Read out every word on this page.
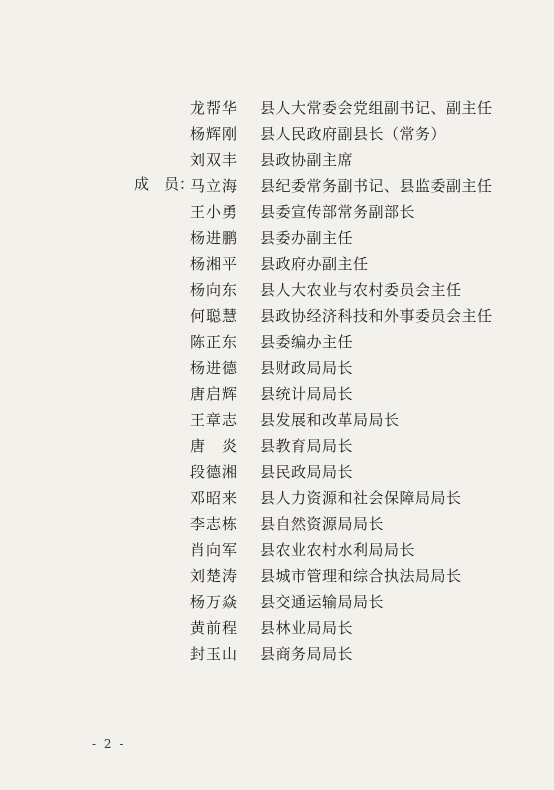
成　员：
龙帮华	县人大常委会党组副书记、副主任
杨辉刚	县人民政府副县长（常务）
刘双丰	县政协副主席
马立海	县纪委常务副书记、县监委副主任
王小勇	县委宣传部常务副部长
杨进鹏	县委办副主任
杨湘平	县政府办副主任
杨向东	县人大农业与农村委员会主任
何聪慧	县政协经济科技和外事委员会主任
陈正东	县委编办主任
杨进德	县财政局局长
唐启辉	县统计局局长
王章志	县发展和改革局局长
唐　炎	县教育局局长
段德湘	县民政局局长
邓昭来	县人力资源和社会保障局局长
李志栋	县自然资源局局长
肖向军	县农业农村水利局局长
刘楚涛	县城市管理和综合执法局局长
杨万焱	县交通运输局局长
黄前程	县林业局局长
封玉山	县商务局局长
- 2 -
